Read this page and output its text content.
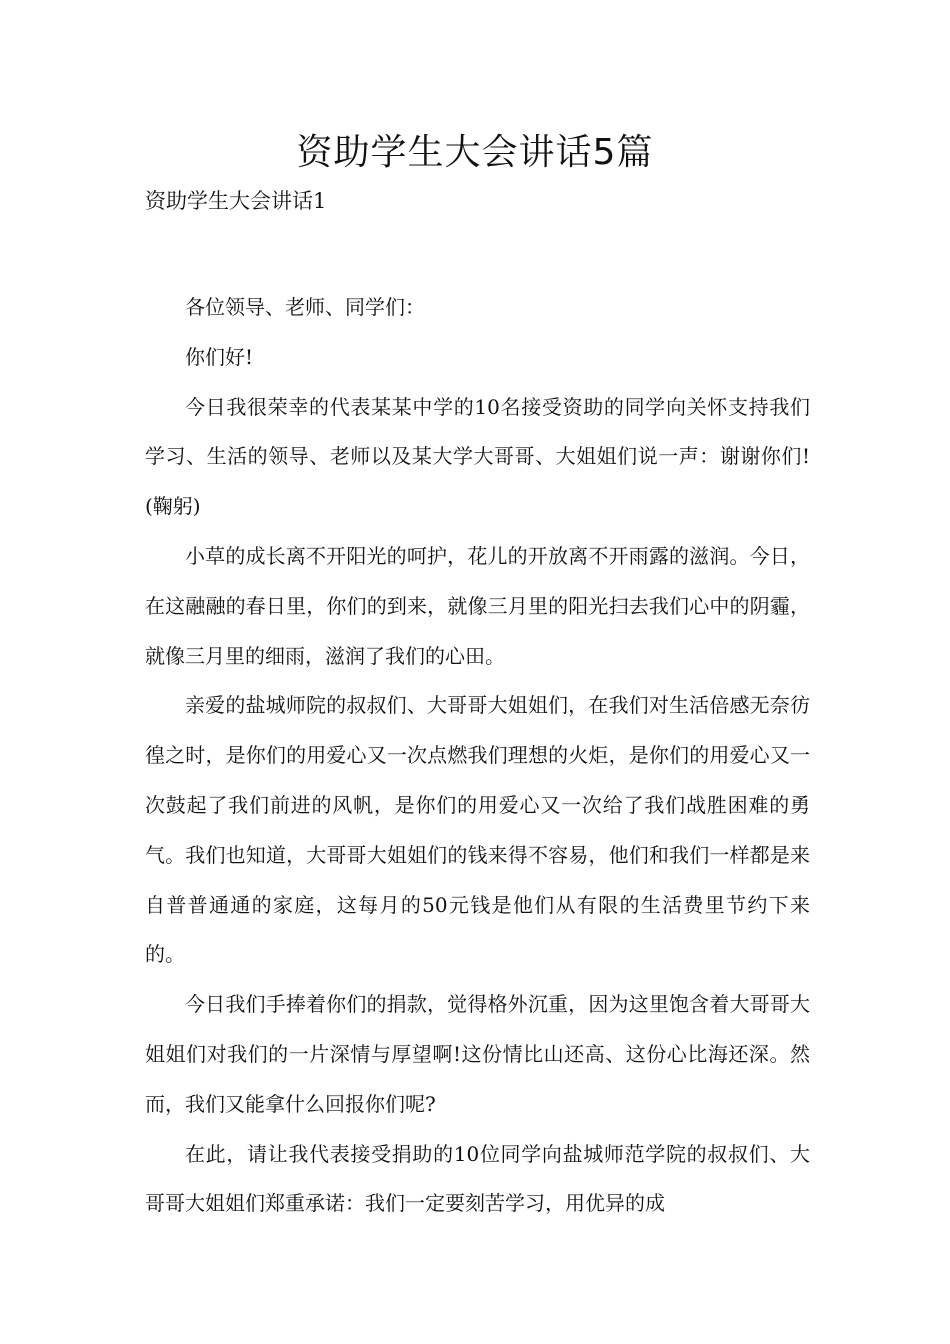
资助学生大会讲话5篇
资助学生大会讲话1

各位领导、老师、同学们：

你们好!

今日我很荣幸的代表某某中学的10名接受资助的同学向关怀支持我们学习、生活的领导、老师以及某大学大哥哥、大姐姐们说一声：谢谢你们!(鞠躬)

小草的成长离不开阳光的呵护，花儿的开放离不开雨露的滋润。今日，在这融融的春日里，你们的到来，就像三月里的阳光扫去我们心中的阴霾，就像三月里的细雨，滋润了我们的心田。

亲爱的盐城师院的叔叔们、大哥哥大姐姐们，在我们对生活倍感无奈彷徨之时，是你们的用爱心又一次点燃我们理想的火炬，是你们的用爱心又一次鼓起了我们前进的风帆，是你们的用爱心又一次给了我们战胜困难的勇气。我们也知道，大哥哥大姐姐们的钱来得不容易，他们和我们一样都是来自普普通通的家庭，这每月的50元钱是他们从有限的生活费里节约下来的。

今日我们手捧着你们的捐款，觉得格外沉重，因为这里饱含着大哥哥大姐姐们对我们的一片深情与厚望啊!这份情比山还高、这份心比海还深。然而，我们又能拿什么回报你们呢?

在此，请让我代表接受捐助的10位同学向盐城师范学院的叔叔们、大哥哥大姐姐们郑重承诺：我们一定要刻苦学习，用优异的成
